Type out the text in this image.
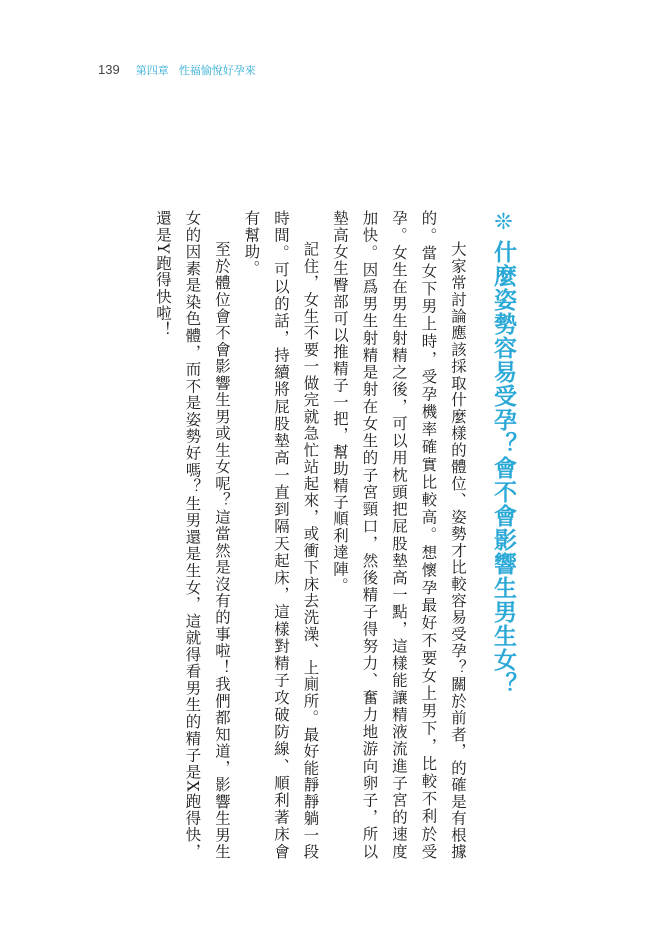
139 第四章 性福愉悅好孕來
❊什麼姿勢容易受孕？會不會影響生男生女？

大家常討論應該採取什麼樣的體位、姿勢才比較容易受孕？關於前者，的確是有根據的。當女下男上時，受孕機率確實比較高。想懷孕最好不要女上男下，比較不利於受孕。女生在男生射精之後，可以用枕頭把屁股墊高一點，這樣能讓精液流進子宮的速度加快。因爲男生射精是射在女生的子宮頸口，然後精子得努力、奮力地游向卵子，所以墊高女生臀部可以推精子一把，幫助精子順利達陣。

記住，女生不要一做完就急忙站起來，或衝下床去洗澡、上廁所。最好能靜靜躺一段時間。可以的話，持續將屁股墊高一直到隔天起床，這樣對精子攻破防線、順利著床會有幫助。

至於體位會不會影響生男或生女呢？這當然是沒有的事啦！我們都知道，影響生男生女的因素是染色體，而不是姿勢好嗎？生男還是生女，這就得看男生的精子是X跑得快，還是Y跑得快啦！
